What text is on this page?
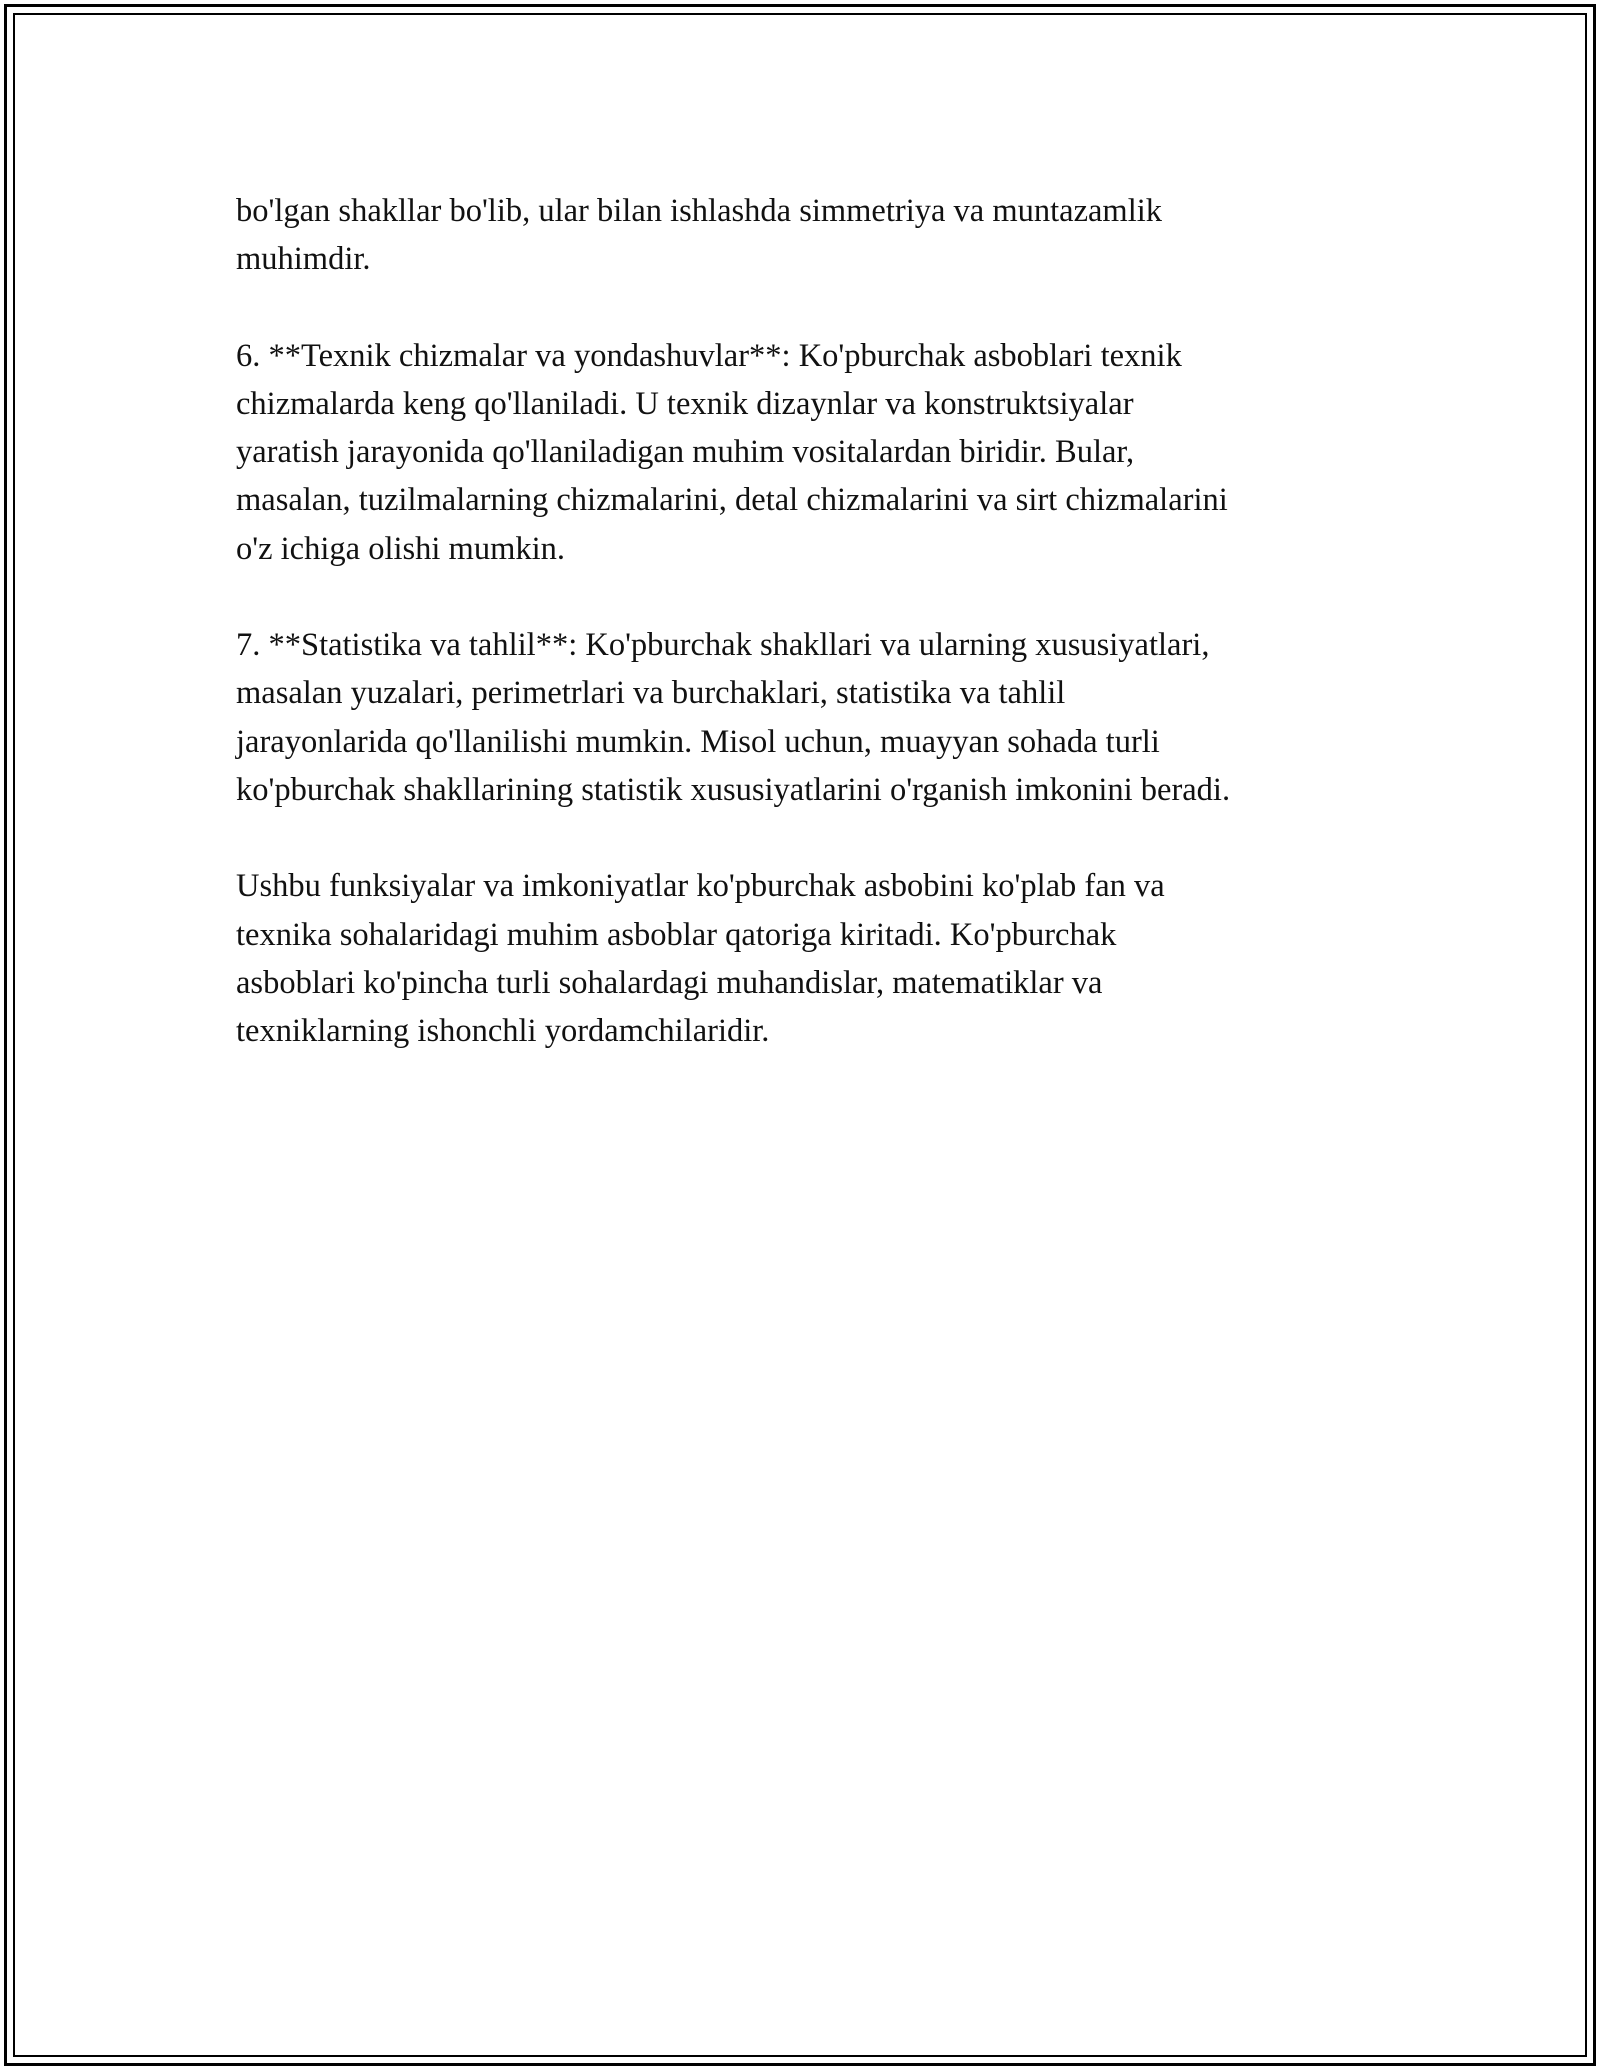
bo'lgan shakllar bo'lib, ular bilan ishlashda simmetriya va muntazamlik
muhimdir.

6. **Texnik chizmalar va yondashuvlar**: Ko'pburchak asboblari texnik
chizmalarda keng qo'llaniladi. U texnik dizaynlar va konstruktsiyalar
yaratish jarayonida qo'llaniladigan muhim vositalardan biridir. Bular,
masalan, tuzilmalarning chizmalarini, detal chizmalarini va sirt chizmalarini
o'z ichiga olishi mumkin.

7. **Statistika va tahlil**: Ko'pburchak shakllari va ularning xususiyatlari,
masalan yuzalari, perimetrlari va burchaklari, statistika va tahlil
jarayonlarida qo'llanilishi mumkin. Misol uchun, muayyan sohada turli
ko'pburchak shakllarining statistik xususiyatlarini o'rganish imkonini beradi.

Ushbu funksiyalar va imkoniyatlar ko'pburchak asbobini ko'plab fan va
texnika sohalaridagi muhim asboblar qatoriga kiritadi. Ko'pburchak
asboblari ko'pincha turli sohalardagi muhandislar, matematiklar va
texniklarning ishonchli yordamchilaridir.
